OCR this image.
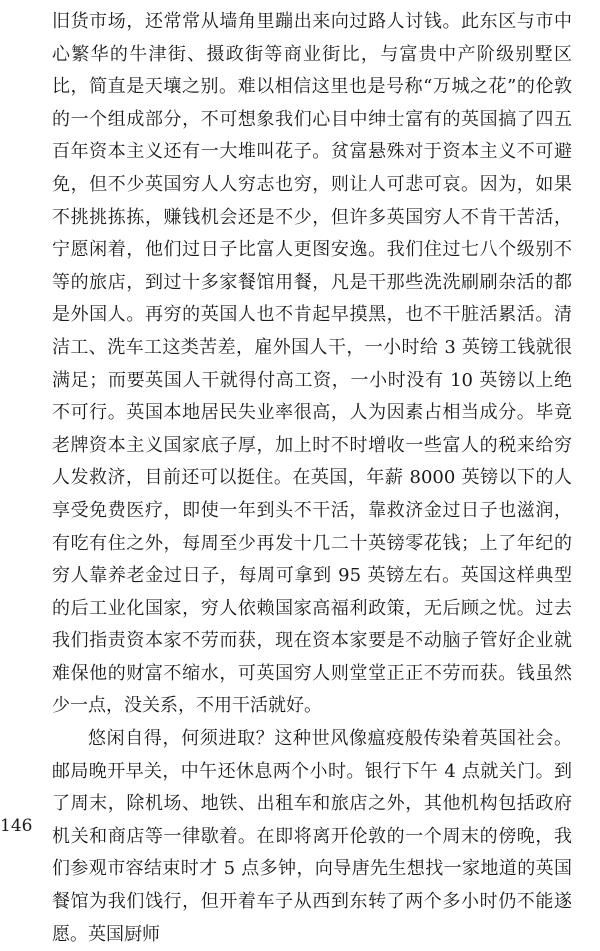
旧货市场，还常常从墙角里蹦出来向过路人讨钱。此东区与市中心繁华的牛津街、摄政街等商业街比，与富贵中产阶级别墅区比，简直是天壤之别。难以相信这里也是号称“万城之花”的伦敦的一个组成部分，不可想象我们心目中绅士富有的英国搞了四五百年资本主义还有一大堆叫花子。贫富悬殊对于资本主义不可避免，但不少英国穷人人穷志也穷，则让人可悲可哀。因为，如果不挑挑拣拣，赚钱机会还是不少，但许多英国穷人不肯干苦活，宁愿闲着，他们过日子比富人更图安逸。我们住过七八个级别不等的旅店，到过十多家餐馆用餐，凡是干那些洗洗刷刷杂活的都是外国人。再穷的英国人也不肯起早摸黑，也不干脏活累活。清洁工、洗车工这类苦差，雇外国人干，一小时给 3 英镑工钱就很满足；而要英国人干就得付高工资，一小时没有 10 英镑以上绝不可行。英国本地居民失业率很高，人为因素占相当成分。毕竟老牌资本主义国家底子厚，加上时不时增收一些富人的税来给穷人发救济，目前还可以挺住。在英国，年薪 8000 英镑以下的人享受免费医疗，即使一年到头不干活，靠救济金过日子也滋润，有吃有住之外，每周至少再发十几二十英镑零花钱；上了年纪的穷人靠养老金过日子，每周可拿到 95 英镑左右。英国这样典型的后工业化国家，穷人依赖国家高福利政策，无后顾之忧。过去我们指责资本家不劳而获，现在资本家要是不动脑子管好企业就难保他的财富不缩水，可英国穷人则堂堂正正不劳而获。钱虽然少一点，没关系，不用干活就好。

悠闲自得，何须进取？这种世风像瘟疫般传染着英国社会。邮局晚开早关，中午还休息两个小时。银行下午 4 点就关门。到了周末，除机场、地铁、出租车和旅店之外，其他机构包括政府机关和商店等一律歇着。在即将离开伦敦的一个周末的傍晚，我们参观市容结束时才 5 点多钟，向导唐先生想找一家地道的英国餐馆为我们饯行，但开着车子从西到东转了两个多小时仍不能遂愿。英国厨师

146
